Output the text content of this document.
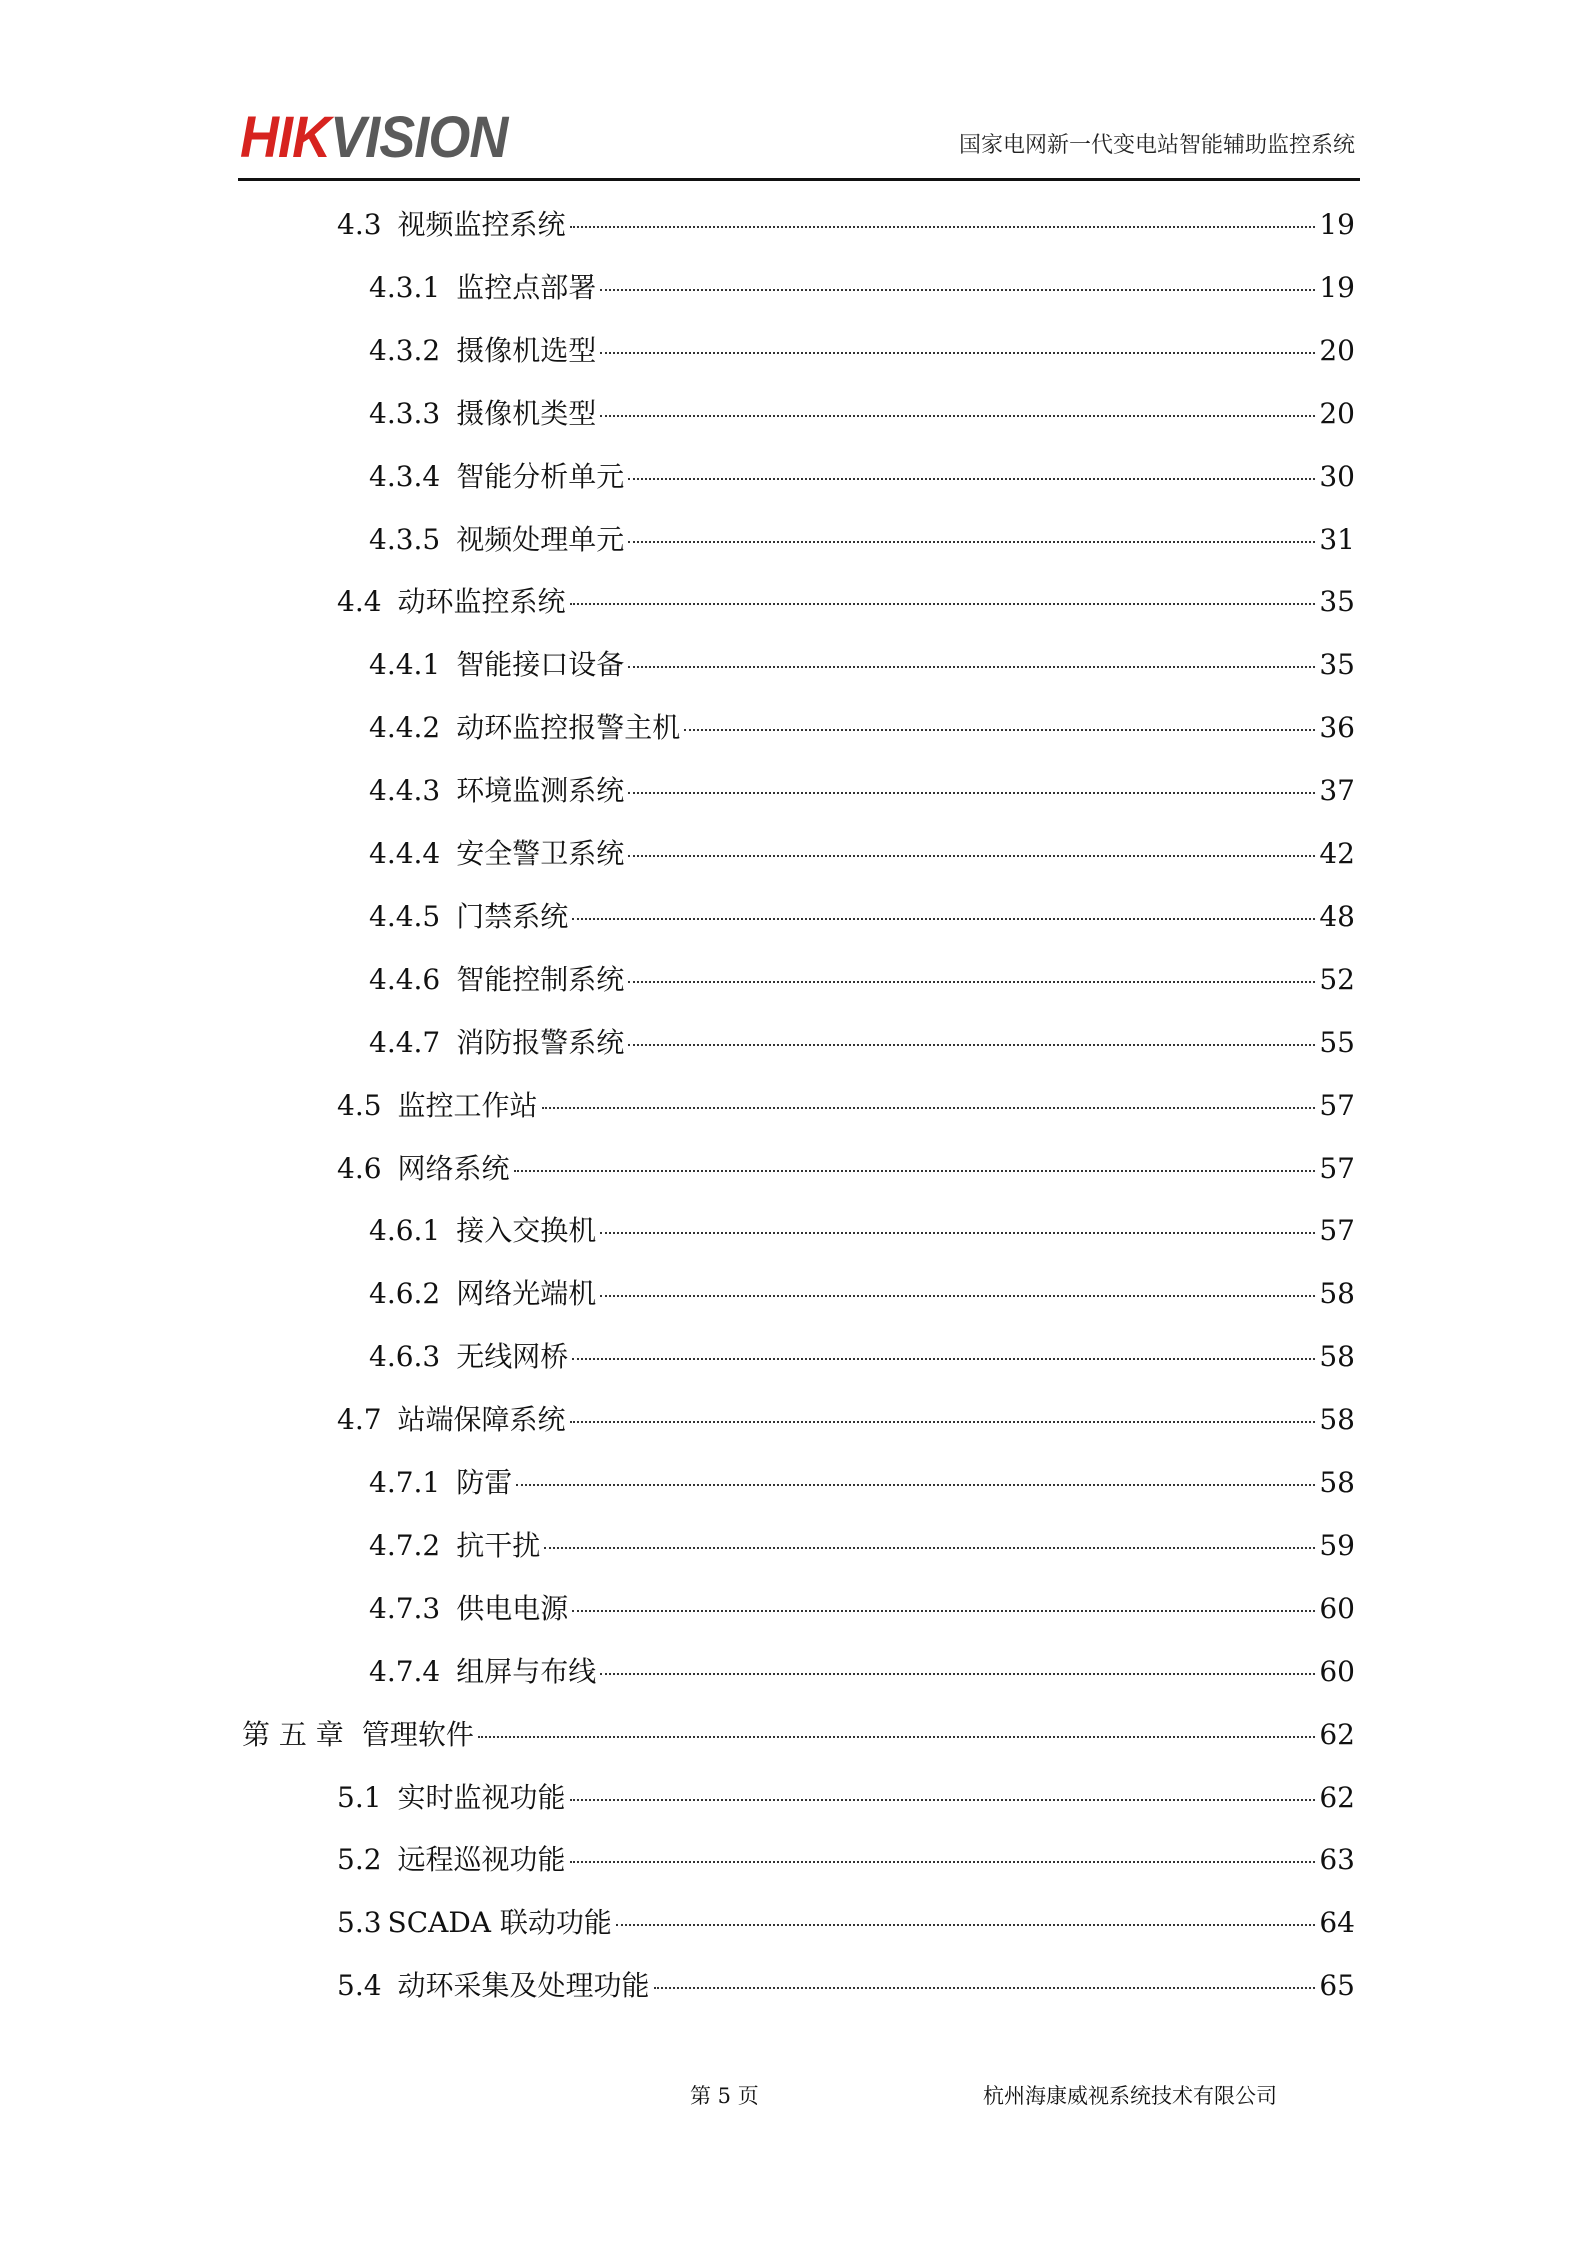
HIKVISION	国家电网新一代变电站智能辅助监控系统
4.3 视频监控系统	19
4.3.1 监控点部署	19
4.3.2 摄像机选型	20
4.3.3 摄像机类型	20
4.3.4 智能分析单元	30
4.3.5 视频处理单元	31
4.4 动环监控系统	35
4.4.1 智能接口设备	35
4.4.2 动环监控报警主机	36
4.4.3 环境监测系统	37
4.4.4 安全警卫系统	42
4.4.5 门禁系统	48
4.4.6 智能控制系统	52
4.4.7 消防报警系统	55
4.5 监控工作站	57
4.6 网络系统	57
4.6.1 接入交换机	57
4.6.2 网络光端机	58
4.6.3 无线网桥	58
4.7 站端保障系统	58
4.7.1 防雷	58
4.7.2 抗干扰	59
4.7.3 供电电源	60
4.7.4 组屏与布线	60
第 五 章 管理软件	62
5.1 实时监视功能	62
5.2 远程巡视功能	63
5.3 SCADA 联动功能	64
5.4 动环采集及处理功能	65
第 5 页	杭州海康威视系统技术有限公司
